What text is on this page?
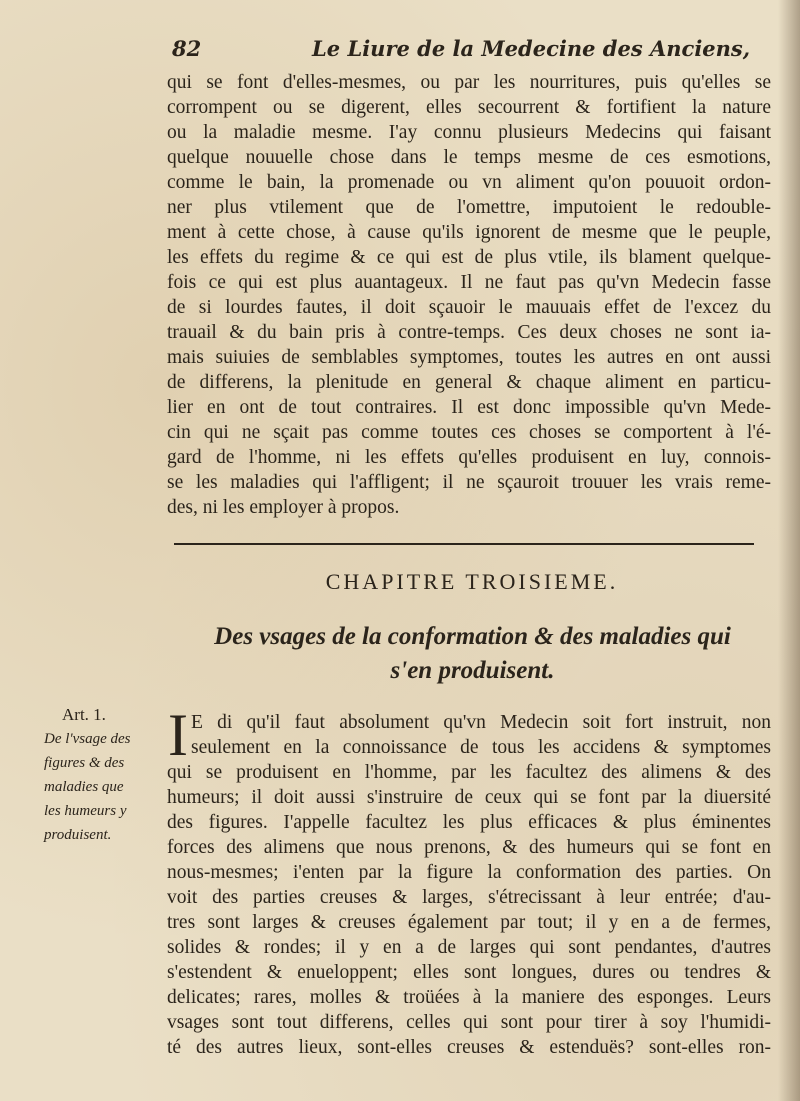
82	Le Liure de la Medecine des Anciens,
qui se font d'elles-mesmes, ou par les nourritures, puis qu'elles se
corrompent ou se digerent, elles secourrent & fortifient la nature
ou la maladie mesme. I'ay connu plusieurs Medecins qui faisant
quelque nouuelle chose dans le temps mesme de ces esmotions,
comme le bain, la promenade ou vn aliment qu'on pouuoit ordon-
ner plus vtilement que de l'omettre, imputoient le redouble-
ment à cette chose, à cause qu'ils ignorent de mesme que le peuple,
les effets du regime & ce qui est de plus vtile, ils blament quelque-
fois ce qui est plus auantageux. Il ne faut pas qu'vn Medecin fasse
de si lourdes fautes, il doit sçauoir le mauuais effet de l'excez du
trauail & du bain pris à contre-temps. Ces deux choses ne sont ia-
mais suiuies de semblables symptomes, toutes les autres en ont aussi
de differens, la plenitude en general & chaque aliment en particu-
lier en ont de tout contraires. Il est donc impossible qu'vn Mede-
cin qui ne sçait pas comme toutes ces choses se comportent à l'é-
gard de l'homme, ni les effets qu'elles produisent en luy, connois-
se les maladies qui l'affligent; il ne sçauroit trouuer les vrais reme-
des, ni les employer à propos.
CHAPITRE TROISIEME.
Des vsages de la conformation & des maladies qui
s'en produisent.
Art. 1.
De l'vsage des
figures & des
maladies que
les humeurs y
produisent.
I E di qu'il faut absolument qu'vn Medecin soit fort instruit, non
seulement en la connoissance de tous les accidens & symptomes
qui se produisent en l'homme, par les facultez des alimens & des
humeurs; il doit aussi s'instruire de ceux qui se font par la diuersité
des figures. I'appelle facultez les plus efficaces & plus éminentes
forces des alimens que nous prenons, & des humeurs qui se font en
nous-mesmes; i'enten par la figure la conformation des parties. On
voit des parties creuses & larges, s'étrecissant à leur entrée; d'au-
tres sont larges & creuses également par tout; il y en a de fermes,
solides & rondes; il y en a de larges qui sont pendantes, d'autres
s'estendent & enueloppent; elles sont longues, dures ou tendres &
delicates; rares, molles & troüées à la maniere des esponges. Leurs
vsages sont tout differens, celles qui sont pour tirer à soy l'humidi-
té des autres lieux, sont-elles creuses & estenduës? sont-elles ron-
